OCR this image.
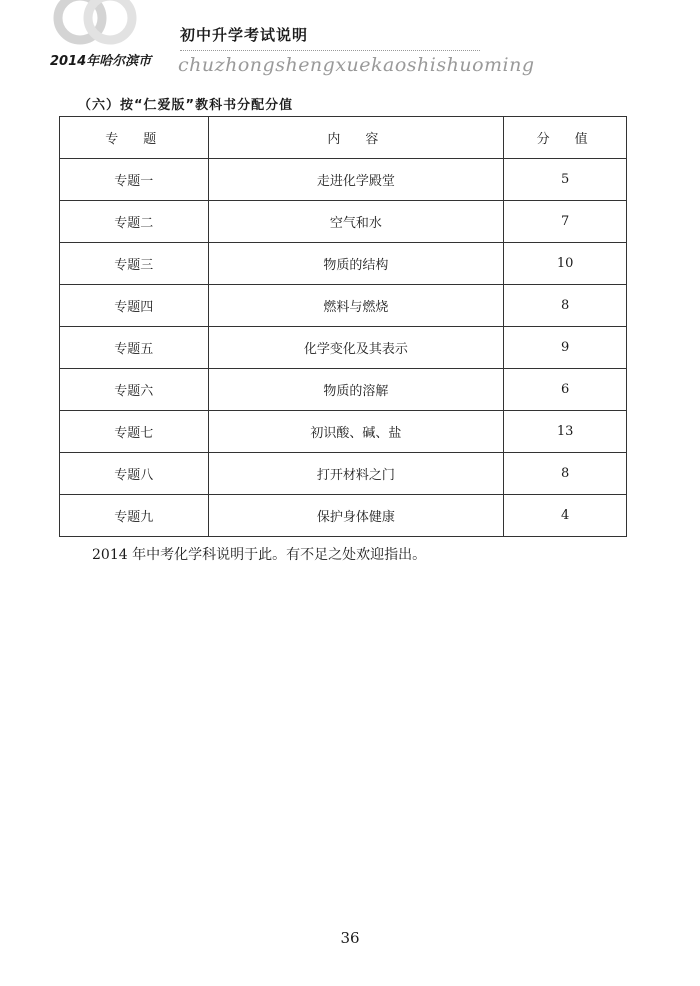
初中升学考试说明
2014年哈尔滨市 chuzhongshengxuekaoshishuoming
（六）按“仁爱版”教科书分配分值
专　题	内　容	分　值
专题一	走进化学殿堂	5
专题二	空气和水	7
专题三	物质的结构	10
专题四	燃料与燃烧	8
专题五	化学变化及其表示	9
专题六	物质的溶解	6
专题七	初识酸、碱、盐	13
专题八	打开材料之门	8
专题九	保护身体健康	4
2014 年中考化学科说明于此。有不足之处欢迎指出。
36
